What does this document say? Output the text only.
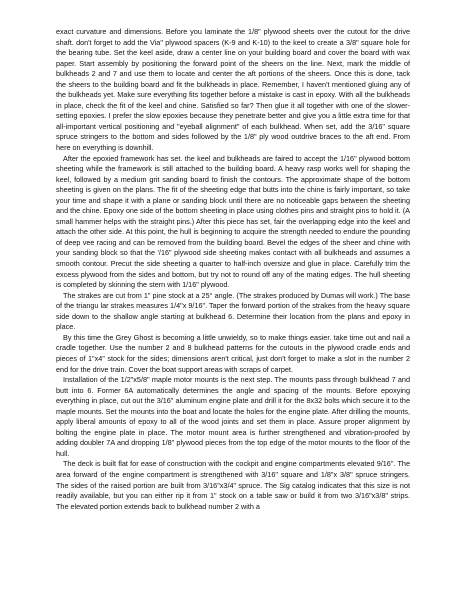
exact curvature and dimensions. Before you laminate the 1/8" plywood sheets over the cutout for the drive shaft. don't forget to add the Via" plywood spacers (K-9 and K-10) to the keel to create a 3/8" square hole for the bearing tube. Set the keel aside, draw a center line on your building board and cover the board with wax paper. Start assembly by positioning the forward point of the sheers on the line. Next, mark the middle of bulkheads 2 and 7 and use them to locate and center the aft portions of the sheers. Once this is done, tack the sheers to the building board and fit the bulkheads in place. Remember, I haven't mentioned gluing any of the bulkheads yet. Make sure everything fits together before a mistake is cast in epoxy. With all the bulkheads in place, check the fit of the keel and chine. Satisfied so far? Then glue it all together with one of the slower-setting epoxies. I prefer the slow epoxies because they penetrate better and give you a little extra time for that all-important vertical positioning and "eyeball alignment" of each bulkhead. When set, add the 3/16" square spruce stringers to the bottom and sides followed by the 1/8" ply wood outdrive braces to the aft end. From here on everything is downhill.

After the epoxied framework has set. the keel and bulkheads are faired to accept the 1/16" plywood bottom sheeting while the framework is still attached to the building board. A heavy rasp works well for shaping the keel, followed by a medium grit sanding board to finish the contours. The approximate shape of the bottom sheeting is given on the plans. The fit of the sheeting edge that butts into the chine is fairly important, so take your time and shape it with a plane or sanding block until there are no noticeable gaps between the sheeting and the chine. Epoxy one side of the bottom sheeting in place using clothes pins and straight pins to hold it. (A small hammer helps with the straight pins.) After this piece has set, fair the overlapping edge into the keel and attach the other side. At this point, the hull is beginning to acquire the strength needed to endure the pounding of deep vee racing and can be removed from the building board. Bevel the edges of the sheer and chine with your sanding block so that the '/16" plywood side sheeting makes contact with all bulkheads and assumes a smooth contour. Precut the side sheeting a quarter to half-inch oversize and glue in place. Carefully trim the excess plywood from the sides and bottom, but try not to round off any of the mating edges. The hull sheeting is completed by skinning the stern with 1/16" plywood.

The strakes are cut from 1" pine stock at a 25° angle. (The strakes produced by Dumas will work.) The base of the triangu lar strakes measures 1/4"x 9/16". Taper the forward portion of the strakes from the heavy square side down to the shallow angle starting at bulkhead 6. Determine their location from the plans and epoxy in place.

By this time the Grey Ghost is becoming a little unwieldy, so to make things easier. take time out and nail a cradle together. Use the number 2 and 8 bulkhead patterns for the cutouts in the plywood cradle ends and pieces of 1"x4" stock for the sides; dimensions aren't critical, just don't forget to make a slot in the number 2 end for the drive train. Cover the boat support areas with scraps of carpet.

Installation of the 1/2"x5/8" maple motor mounts is the next step. The mounts pass through bulkhead 7 and butt into 6. Former 6A automatically determines the angle and spacing of the mounts. Before epoxying everything in place, cut out the 3/16" aluminum engine plate and drill it for the 8x32 bolts which secure it to the maple mounts. Set the mounts into the boat and locate the holes for the engine plate. After drilling the mounts, apply liberal amounts of epoxy to all of the wood joints and set them in place. Assure proper alignment by bolting the engine plate in place. The motor mount area is further strengthened and vibration-proofed by adding doubler 7A and dropping 1/8" plywood pieces from the top edge of the motor mounts to the floor of the hull.

The deck is built flat for ease of construction with the cockpit and engine compartments elevated 9/16". The area forward of the engine compartment is strengthened with 3/16" square and 1/8"x 3/8" spruce stringers. The sides of the raised portion are built from 3/16"x3/4" spruce. The Sig catalog indicates that this size is not readily available, but you can either rip it from 1" stock on a table saw or build it from two 3/16"x3/8" strips. The elevated portion extends back to bulkhead number 2 with a
